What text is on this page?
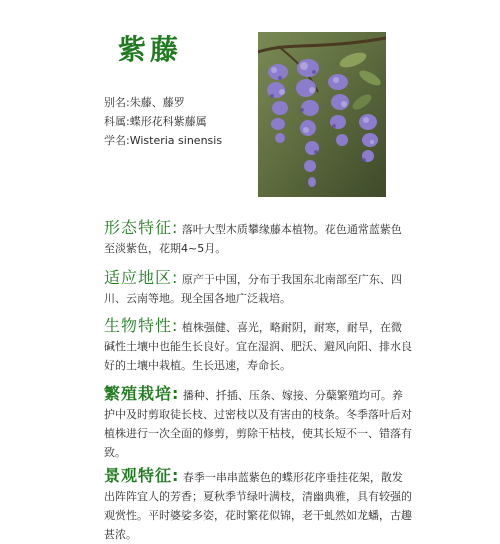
紫藤
别名:朱藤、藤罗
科属:蝶形花科紫藤属
学名:Wisteria sinensis
形态特征: 落叶大型木质攀缘藤本植物。花色通常蓝紫色至淡紫色，花期4~5月。
适应地区: 原产于中国，分布于我国东北南部至广东、四川、云南等地。现全国各地广泛栽培。
生物特性: 植株强健、喜光，略耐阴，耐寒，耐旱，在微碱性土壤中也能生长良好。宜在湿润、肥沃、避风向阳、排水良好的土壤中栽植。生长迅速，寿命长。
繁殖栽培: 播种、扦插、压条、嫁接、分蘖繁殖均可。养护中及时剪取徒长枝、过密枝以及有害由的枝条。冬季落叶后对植株进行一次全面的修剪，剪除干枯枝，使其长短不一、错落有致。
景观特征: 春季一串串蓝紫色的蝶形花序垂挂花架，散发出阵阵宜人的芳香；夏秋季节绿叶满枝，清幽典雅，具有较强的观赏性。平时婆娑多姿，花时繁花似锦，老干虬然如龙蟠，古趣甚浓。
